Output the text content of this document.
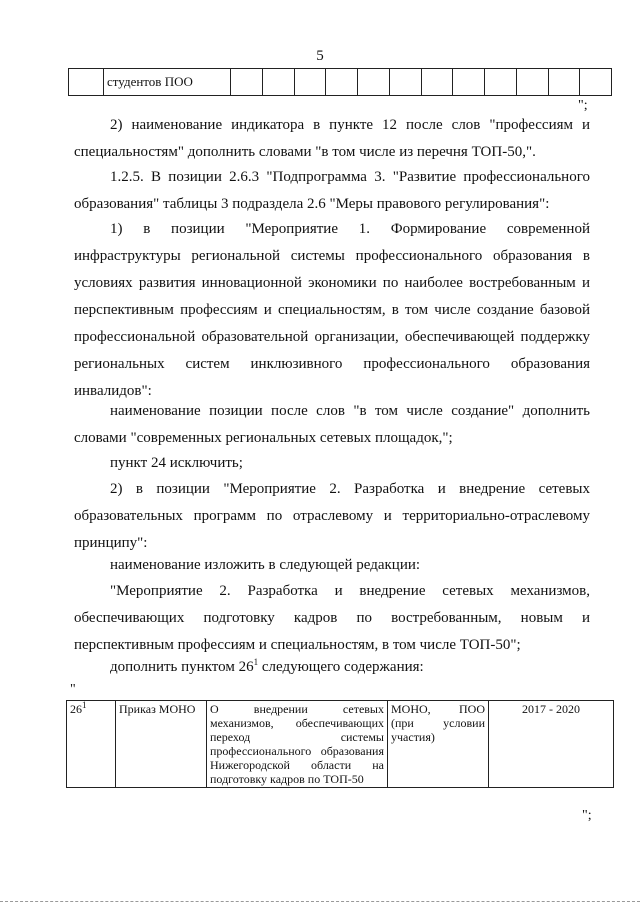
5
	студентов ПОО												
";
2) наименование индикатора в пункте 12 после слов "профессиям и специальностям" дополнить словами "в том числе из перечня ТОП-50,".
1.2.5. В позиции 2.6.3 "Подпрограмма 3. "Развитие профессионального образования" таблицы 3 подраздела 2.6 "Меры правового регулирования":
1) в позиции "Мероприятие 1. Формирование современной инфраструктуры региональной системы профессионального образования в условиях развития инновационной экономики по наиболее востребованным и перспективным профессиям и специальностям, в том числе создание базовой профессиональной образовательной организации, обеспечивающей поддержку региональных систем инклюзивного профессионального образования инвалидов":
наименование позиции после слов "в том числе создание" дополнить словами "современных региональных сетевых площадок,";
пункт 24 исключить;
2) в позиции "Мероприятие 2. Разработка и внедрение сетевых образовательных программ по отраслевому и территориально-отраслевому принципу":
наименование изложить в следующей редакции:
"Мероприятие 2. Разработка и внедрение сетевых механизмов, обеспечивающих подготовку кадров по востребованным, новым и перспективным профессиям и специальностям, в том числе ТОП-50";
дополнить пунктом $26^1$ следующего содержания:
"
$26^1$	Приказ МОНО	О внедрении сетевых механизмов, обеспечивающих переход системы профессионального образования Нижегородской области на подготовку кадров по ТОП-50	МОНО, ПОО (при условии участия)	2017 - 2020
";
